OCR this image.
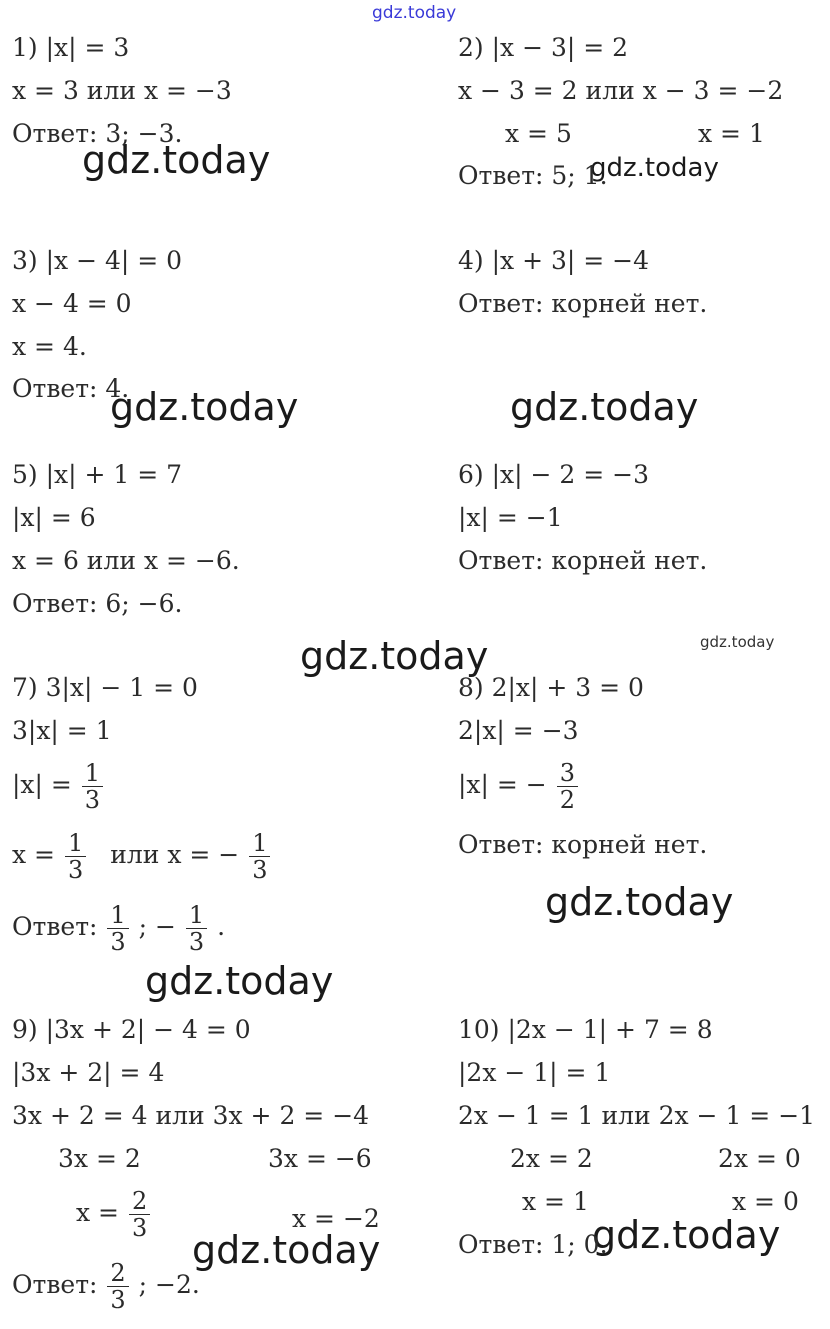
gdz.today
gdz.today	gdz.today
gdz.today	gdz.today
gdz.today	gdz.today
gdz.today
gdz.today
gdz.today	gdz.today
1) |x| = 3
x = 3 или x = −3
Ответ: 3; −3.
2) |x − 3| = 2
x − 3 = 2 или x − 3 = −2
x = 5	x = 1
Ответ: 5; 1.
3) |x − 4| = 0
x − 4 = 0
x = 4.
Ответ: 4.
4) |x + 3| = −4
Ответ: корней нет.
5) |x| + 1 = 7
|x| = 6
x = 6 или x = −6.
Ответ: 6; −6.
6) |x| − 2 = −3
|x| = −1
Ответ: корней нет.
7) 3|x| − 1 = 0
3|x| = 1
$|x| = \frac{1}{3}$
$x = \frac{1}{3}$ или x = − $\frac{1}{3}$
Ответ: $\frac{1}{3}$ ; − $\frac{1}{3}$ .
8) 2|x| + 3 = 0
2|x| = −3
|x| = − $\frac{3}{2}$
Ответ: корней нет.
9) |3x + 2| − 4 = 0
|3x + 2| = 4
3x + 2 = 4 или 3x + 2 = −4
3x = 2	3x = −6
$x = \frac{2}{3}$	x = −2
Ответ: $\frac{2}{3}$ ; −2.
10) |2x − 1| + 7 = 8
|2x − 1| = 1
2x − 1 = 1 или 2x − 1 = −1
2x = 2	2x = 0
x = 1	x = 0
Ответ: 1; 0.
